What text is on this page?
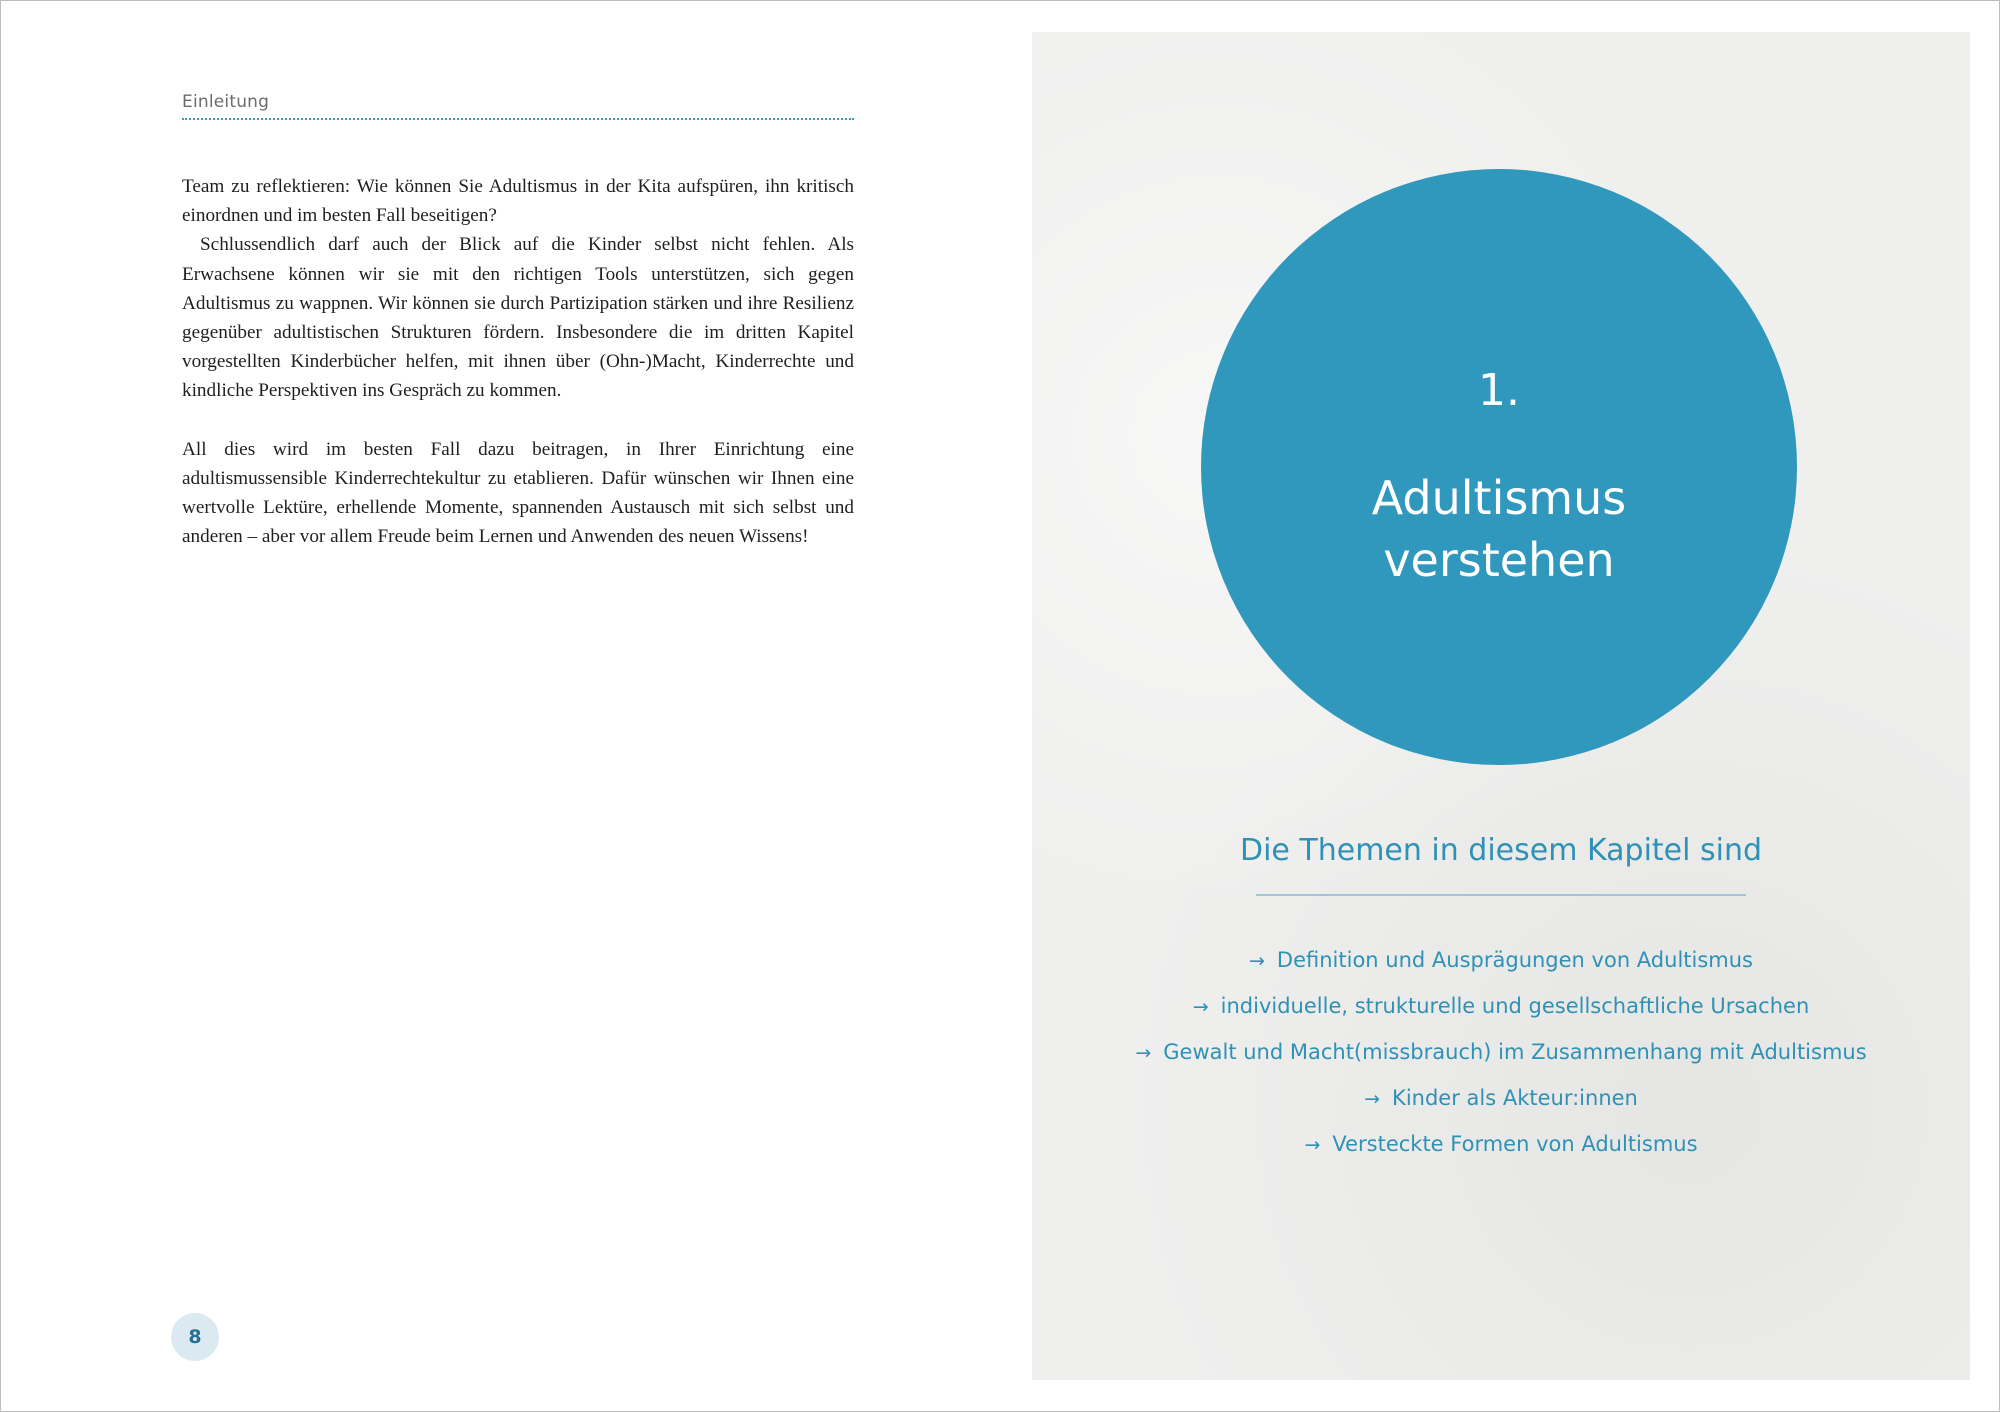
Einleitung

Team zu reflektieren: Wie können Sie Adultismus in der Kita aufspüren, ihn kritisch einordnen und im besten Fall beseitigen?

Schlussendlich darf auch der Blick auf die Kinder selbst nicht fehlen. Als Erwachsene können wir sie mit den richtigen Tools unterstützen, sich gegen Adultismus zu wappnen. Wir können sie durch Partizipation stärken und ihre Resilienz gegenüber adultistischen Strukturen fördern. Insbesondere die im dritten Kapitel vorgestellten Kinderbücher helfen, mit ihnen über (Ohn-)Macht, Kinderrechte und kindliche Perspektiven ins Gespräch zu kommen.

All dies wird im besten Fall dazu beitragen, in Ihrer Einrichtung eine adultismussensible Kinderrechtekultur zu etablieren. Dafür wünschen wir Ihnen eine wertvolle Lektüre, erhellende Momente, spannenden Austausch mit sich selbst und anderen – aber vor allem Freude beim Lernen und Anwenden des neuen Wissens!

8
1.
Adultismus
verstehen
Die Themen in diesem Kapitel sind
→ Definition und Ausprägungen von Adultismus
→ individuelle, strukturelle und gesellschaftliche Ursachen
→ Gewalt und Macht(missbrauch) im Zusammenhang mit Adultismus
→ Kinder als Akteur:innen
→ Versteckte Formen von Adultismus
